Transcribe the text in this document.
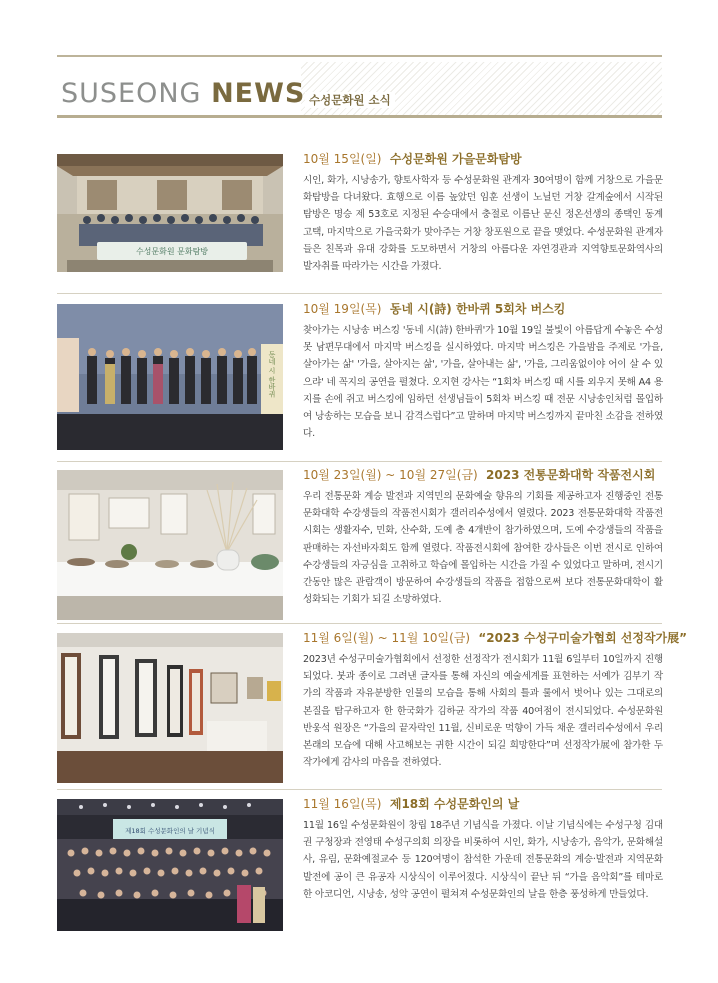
SUSEONG NEWS 수성문화원 소식
수성문화원 문화탐방
10월 15일(일) 수성문화원 가을문화탐방
시인, 화가, 시낭송가, 향토사학자 등 수성문화원 관계자 30여명이 함께 거창으로 가을문화탐방을 다녀왔다. 효행으로 이름 높았던 임훈 선생이 노닐던 거창 갈계숲에서 시작된 탐방은 명승 제 53호로 지정된 수승대에서 충절로 이름난 문신 정온선생의 종택인 동계고택, 마지막으로 가을국화가 맞아주는 거창 창포원으로 끝을 맺었다. 수성문화원 관계자들은 친목과 유대 강화를 도모하면서 거창의 아름다운 자연경관과 지역향토문화역사의 발자취를 따라가는 시간을 가졌다.
동네 시 한바퀴
10월 19일(목) 동네 시(詩) 한바퀴 5회차 버스킹
찾아가는 시낭송 버스킹 '동네 시(詩) 한바퀴'가 10월 19일 불빛이 아름답게 수놓은 수성못 남편무대에서 마지막 버스킹을 실시하였다. 마지막 버스킹은 가을밤을 주제로 '가을, 살아가는 삶' '가을, 살아지는 삶', '가을, 살아내는 삶', '가을, 그리움없이야 어이 살 수 있으랴' 네 꼭지의 공연을 펼쳤다. 오지현 강사는 “1회차 버스킹 때 시를 외우지 못해 A4 용지를 손에 쥐고 버스킹에 임하던 선생님들이 5회차 버스킹 때 전문 시낭송인처럼 몰입하여 낭송하는 모습을 보니 감격스럽다”고 말하며 마지막 버스킹까지 끝마친 소감을 전하였다.
10월 23일(월) ~ 10월 27일(금) 2023 전통문화대학 작품전시회
우리 전통문화 계승 발전과 지역민의 문화예술 향유의 기회를 제공하고자 진행중인 전통문화대학 수강생들의 작품전시회가 갤러리수성에서 열렸다. 2023 전통문화대학 작품전시회는 생활자수, 민화, 산수화, 도예 총 4개반이 참가하였으며, 도예 수강생들의 작품을 판매하는 자선바자회도 함께 열렸다. 작품전시회에 참여한 강사들은 이번 전시로 인하여 수강생들의 자긍심을 고취하고 학습에 몰입하는 시간을 가질 수 있었다고 말하며, 전시기간동안 많은 관람객이 방문하여 수강생들의 작품을 접함으로써 보다 전통문화대학이 활성화되는 기회가 되길 소망하였다.
11월 6일(월) ~ 11월 10일(금) “2023 수성구미술가협회 선정작가展”
2023년 수성구미술가협회에서 선정한 선정작가 전시회가 11월 6일부터 10일까지 진행되었다. 붓과 종이로 그려낸 글자를 통해 자신의 예술세계를 표현하는 서예가 김부기 작가의 작품과 자유분방한 인물의 모습을 통해 사회의 틀과 룰에서 벗어나 있는 그대로의 본질을 탐구하고자 한 한국화가 김하균 작가의 작품 40여점이 전시되었다. 수성문화원 반웅석 원장은 “가을의 끝자락인 11월, 신비로운 먹향이 가득 채운 갤러리수성에서 우리 본래의 모습에 대해 사고해보는 귀한 시간이 되길 희망한다”며 선정작가展에 참가한 두 작가에게 감사의 마음을 전하였다.
제18회 수성문화인의 날 기념식
11월 16일(목) 제18회 수성문화인의 날
11월 16일 수성문화원이 창립 18주년 기념식을 가졌다. 이날 기념식에는 수성구청 김대권 구청장과 전영태 수성구의회 의장을 비롯하여 시인, 화가, 시낭송가, 음악가, 문화해설사, 유림, 문화예절교수 등 120여명이 참석한 가운데 전통문화의 계승·발전과 지역문화발전에 공이 큰 유공자 시상식이 이루어졌다. 시상식이 끝난 뒤 “가을 음악회”를 테마로 한 아코디언, 시낭송, 성악 공연이 펼쳐져 수성문화인의 날을 한층 풍성하게 만들었다.
